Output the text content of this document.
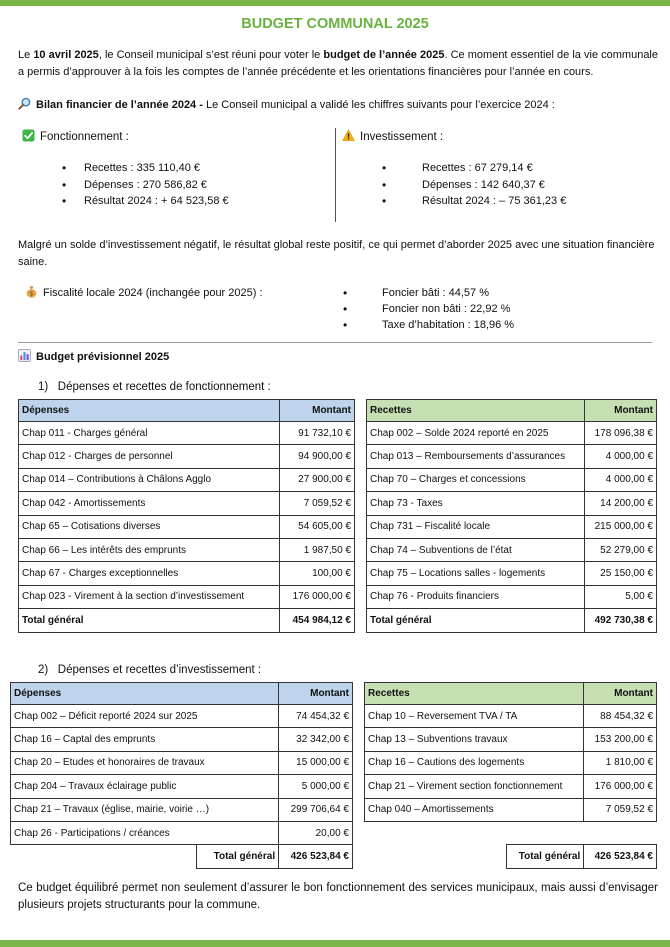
BUDGET COMMUNAL 2025
Le 10 avril 2025, le Conseil municipal s’est réuni pour voter le budget de l’année 2025. Ce moment essentiel de la vie communale a permis d’approuver à la fois les comptes de l’année précédente et les orientations financières pour l’année en cours.
Bilan financier de l’année 2024 - Le Conseil municipal a validé les chiffres suivants pour l’exercice 2024 :
Fonctionnement :
• Recettes : 335 110,40 €
• Dépenses : 270 586,82 €
• Résultat 2024 : + 64 523,58 €
Investissement :
• Recettes : 67 279,14 €
• Dépenses : 142 640,37 €
• Résultat 2024 : – 75 361,23 €
Malgré un solde d’investissement négatif, le résultat global reste positif, ce qui permet d’aborder 2025 avec une situation financière saine.
$ Fiscalité locale 2024 (inchangée pour 2025) :	• Foncier bâti : 44,57 %
• Foncier non bâti : 22,92 %
• Taxe d’habitation : 18,96 %
Budget prévisionnel 2025
1)   Dépenses et recettes de fonctionnement :
Dépenses	Montant
Chap 011 - Charges général	91 732,10 €
Chap 012 - Charges de personnel	94 900,00 €
Chap 014 – Contributions à Châlons Agglo	27 900,00 €
Chap 042 - Amortissements	7 059,52 €
Chap 65 – Cotisations diverses	54 605,00 €
Chap 66 – Les intérêts des emprunts	1 987,50 €
Chap 67 - Charges exceptionnelles	100,00 €
Chap 023 - Virement à la section d’investissement	176 000,00 €
Total général	454 984,12 €
Recettes	Montant
Chap 002 – Solde 2024 reporté en 2025	178 096,38 €
Chap 013 – Remboursements d’assurances	4 000,00 €
Chap 70 – Charges et concessions	4 000,00 €
Chap 73 - Taxes	14 200,00 €
Chap 731 – Fiscalité locale	215 000,00 €
Chap 74 – Subventions de l’état	52 279,00 €
Chap 75 – Locations salles - logements	25 150,00 €
Chap 76 - Produits financiers	5,00 €
Total général	492 730,38 €
2)   Dépenses et recettes d’investissement :
Dépenses		Montant
Chap 002 – Déficit reporté 2024 sur 2025		74 454,32 €
Chap 16 – Captal des emprunts		32 342,00 €
Chap 20 – Etudes et honoraires de travaux		15 000,00 €
Chap 204 – Travaux éclairage public		5 000,00 €
Chap 21 – Travaux (église, mairie, voirie …)		299 706,64 €
Chap 26 - Participations / créances		20,00 €
	Total général	426 523,84 €
Recettes		Montant
Chap 10 – Reversement TVA / TA		88 454,32 €
Chap 13 – Subventions travaux		153 200,00 €
Chap 16 – Cautions des logements		1 810,00 €
Chap 21 – Virement section fonctionnement		176 000,00 €
Chap 040 – Amortissements		7 059,52 €

	Total général	426 523,84 €
Ce budget équilibré permet non seulement d’assurer le bon fonctionnement des services municipaux, mais aussi d’envisager plusieurs projets structurants pour la commune.
